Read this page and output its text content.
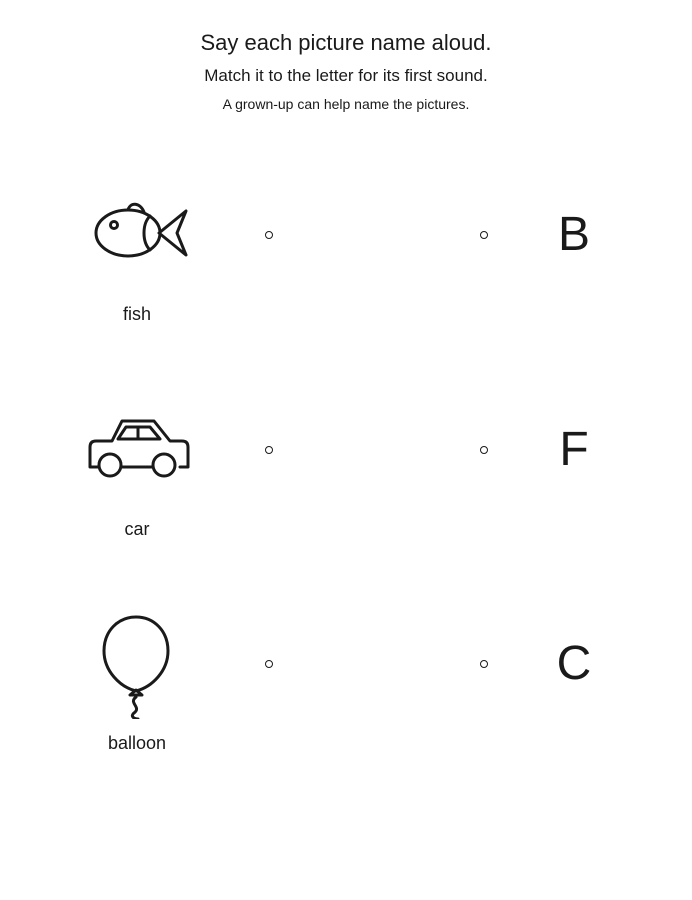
Say each picture name aloud.
Match it to the letter for its first sound.
A grown-up can help name the pictures.
fish
B
car
F
balloon
C
